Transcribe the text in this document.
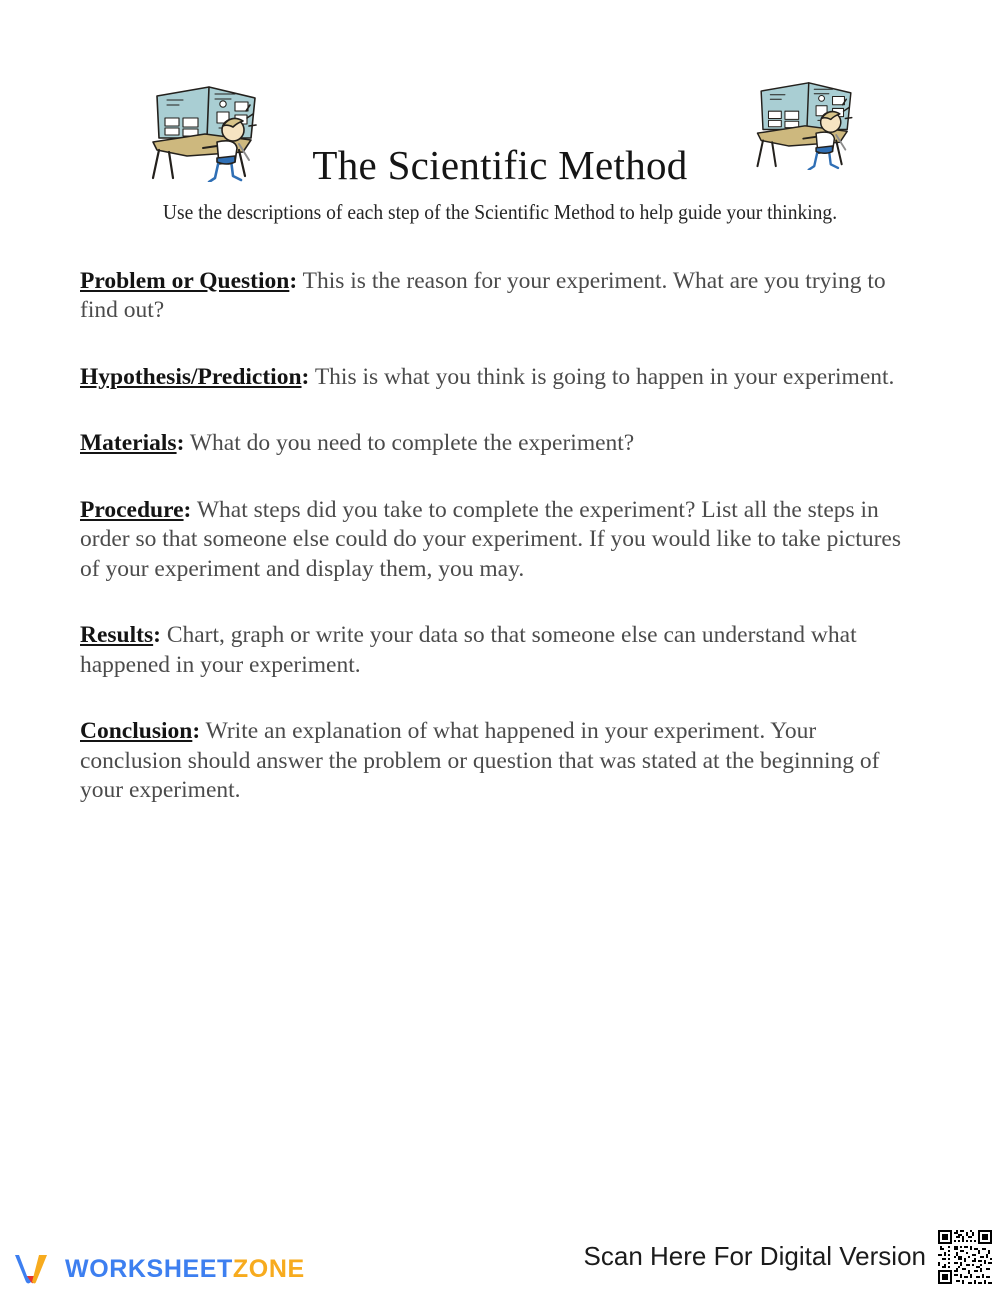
The Scientific Method
Use the descriptions of each step of the Scientific Method to help guide your thinking.

Problem or Question: This is the reason for your experiment. What are you trying to find out?

Hypothesis/Prediction: This is what you think is going to happen in your experiment.

Materials: What do you need to complete the experiment?

Procedure: What steps did you take to complete the experiment? List all the steps in order so that someone else could do your experiment. If you would like to take pictures of your experiment and display them, you may.

Results: Chart, graph or write your data so that someone else can understand what happened in your experiment.

Conclusion: Write an explanation of what happened in your experiment. Your conclusion should answer the problem or question that was stated at the beginning of your experiment.

WORKSHEETZONE	Scan Here For Digital Version
